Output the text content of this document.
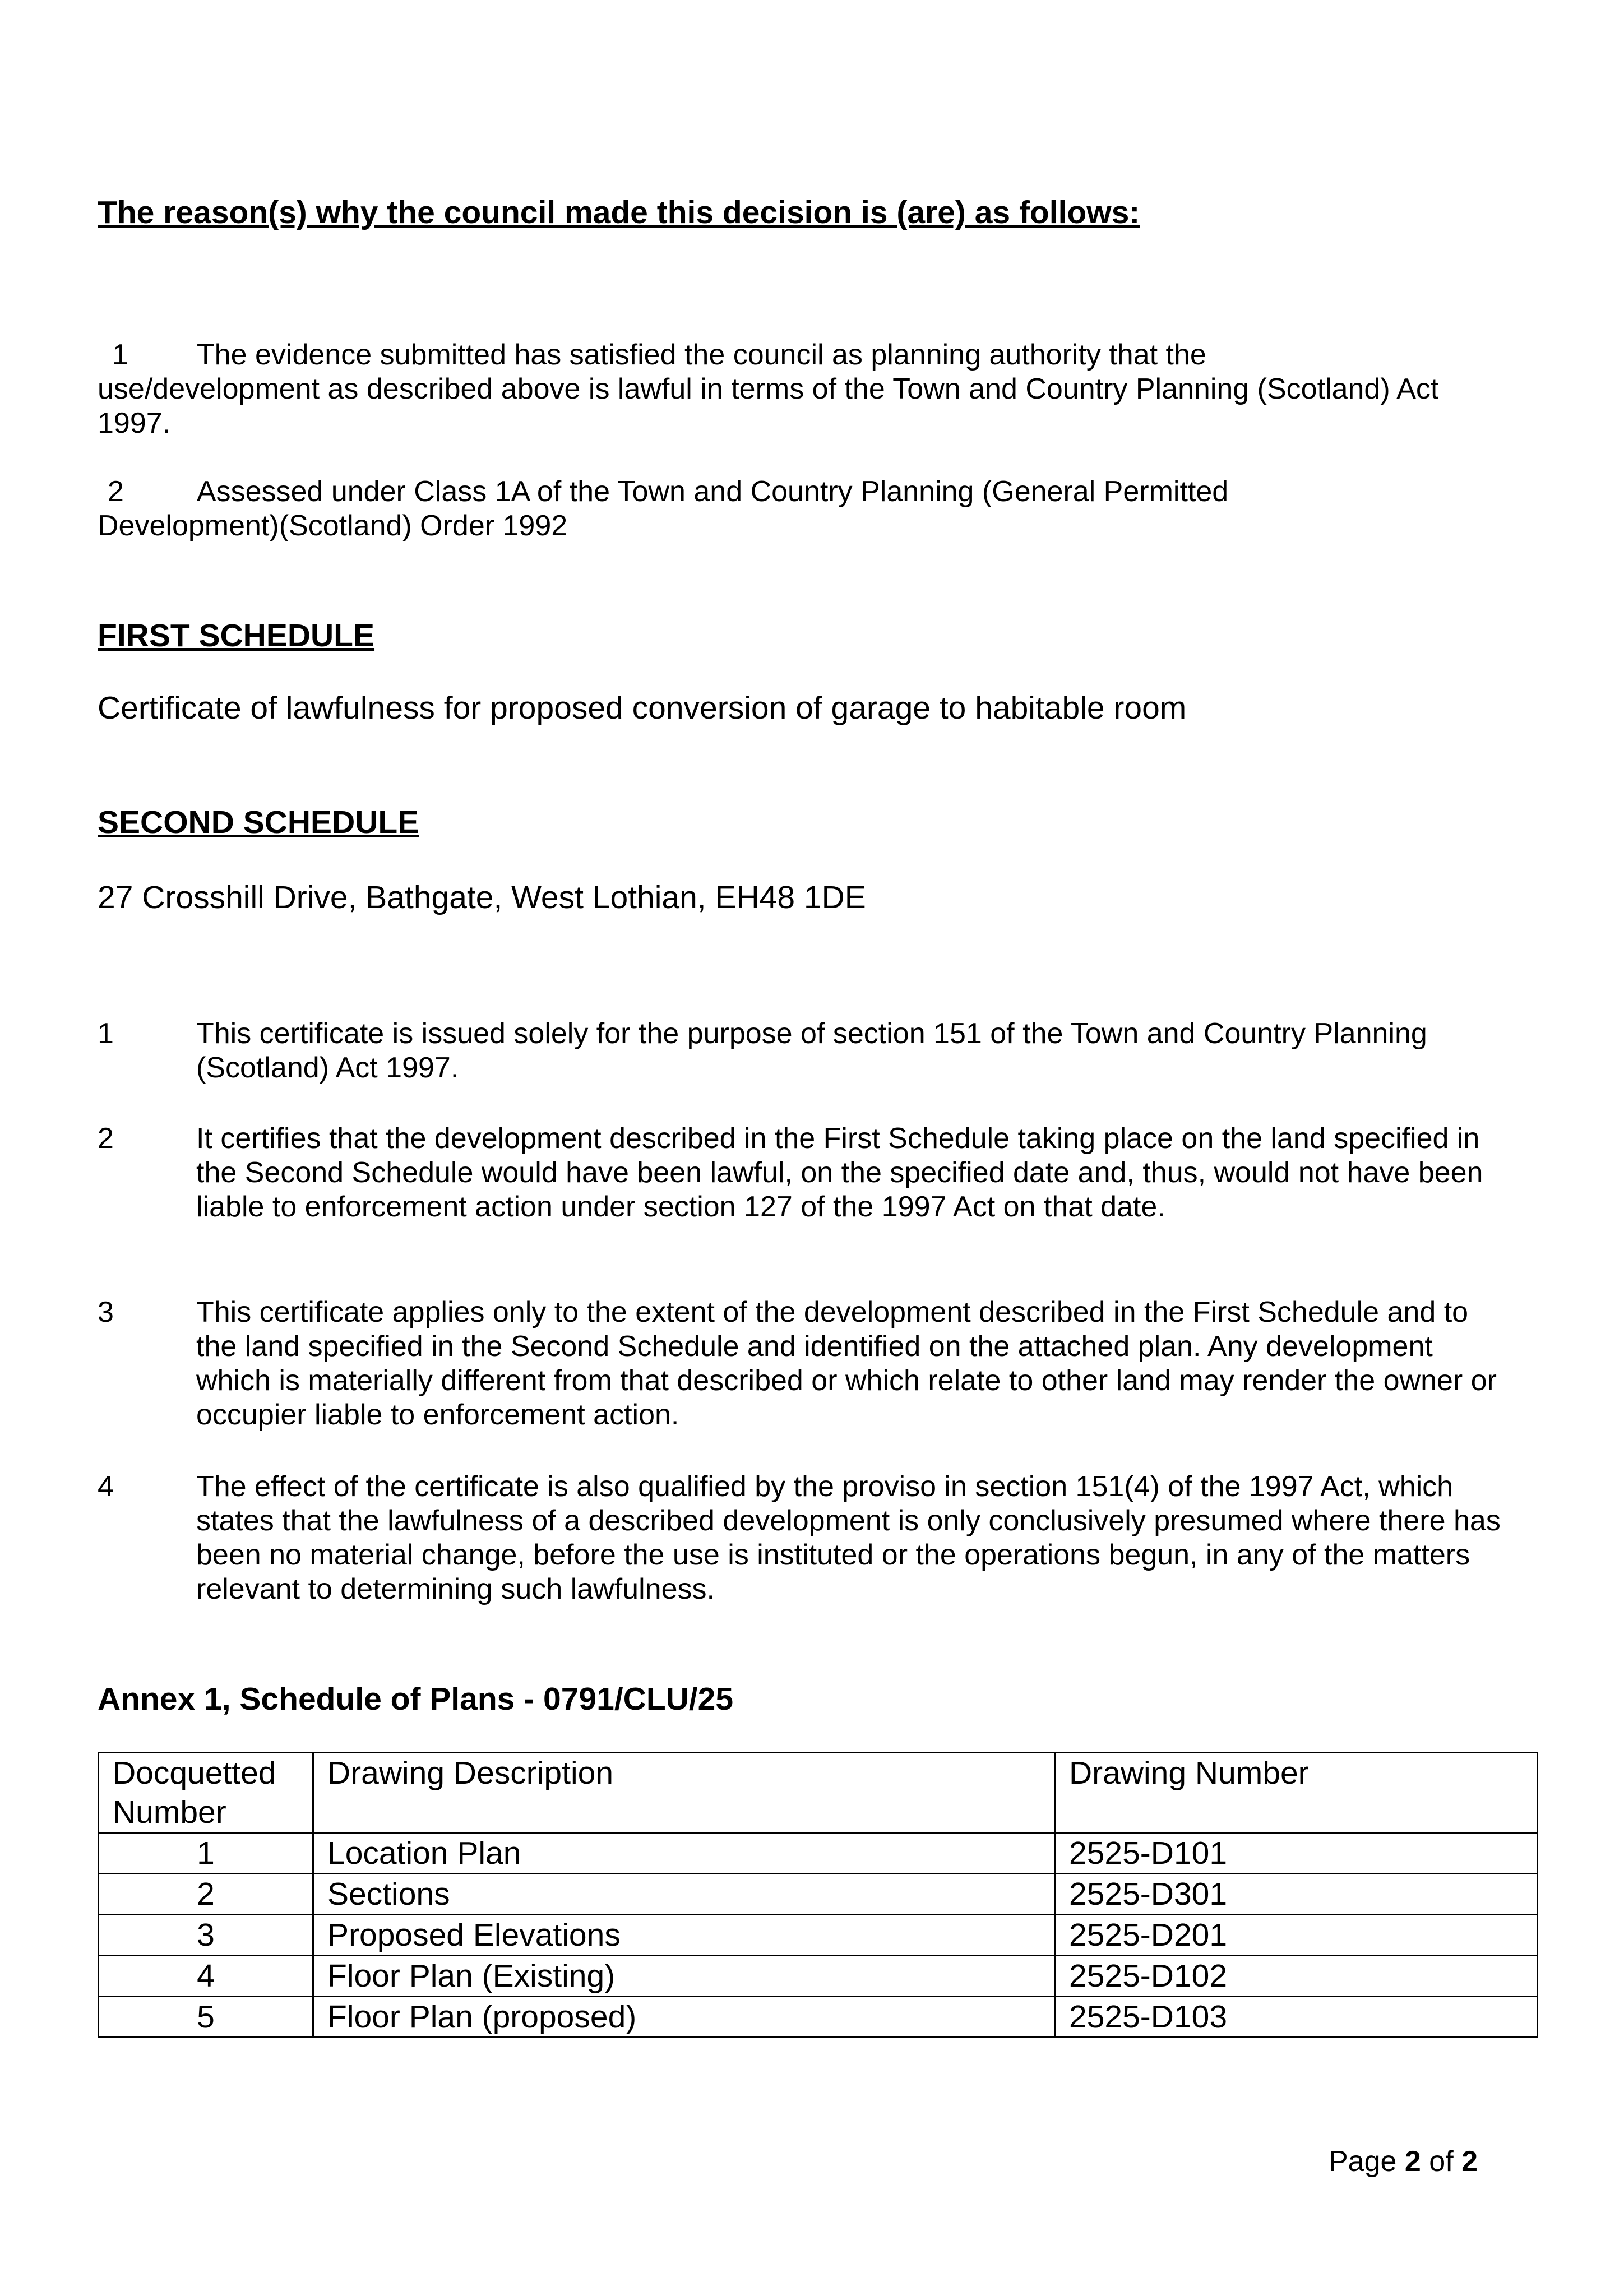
The reason(s) why the council made this decision is (are) as follows:
1 The evidence submitted has satisfied the council as planning authority that the
use/development as described above is lawful in terms of the Town and Country Planning (Scotland) Act 1997.
2	Assessed under Class 1A of the Town and Country Planning (General Permitted
Development)(Scotland) Order 1992
FIRST SCHEDULE
Certificate of lawfulness for proposed conversion of garage to habitable room
SECOND SCHEDULE
27 Crosshill Drive, Bathgate, West Lothian, EH48 1DE
1	This certificate is issued solely for the purpose of section 151 of the Town and Country Planning (Scotland) Act 1997.
2	It certifies that the development described in the First Schedule taking place on the land specified in the Second Schedule would have been lawful, on the specified date and, thus, would not have been liable to enforcement action under section 127 of the 1997 Act on that date.
3	This certificate applies only to the extent of the development described in the First Schedule and to the land specified in the Second Schedule and identified on the attached plan. Any development which is materially different from that described or which relate to other land may render the owner or occupier liable to enforcement action.
4	The effect of the certificate is also qualified by the proviso in section 151(4) of the 1997 Act, which states that the lawfulness of a described development is only conclusively presumed where there has been no material change, before the use is instituted or the operations begun, in any of the matters relevant to determining such lawfulness.
Annex 1, Schedule of Plans - 0791/CLU/25
Docquetted Number	Drawing Description	Drawing Number
1	Location Plan	2525-D101
2	Sections	2525-D301
3	Proposed Elevations	2525-D201
4	Floor Plan (Existing)	2525-D102
5	Floor Plan (proposed)	2525-D103
Page 2 of 2
